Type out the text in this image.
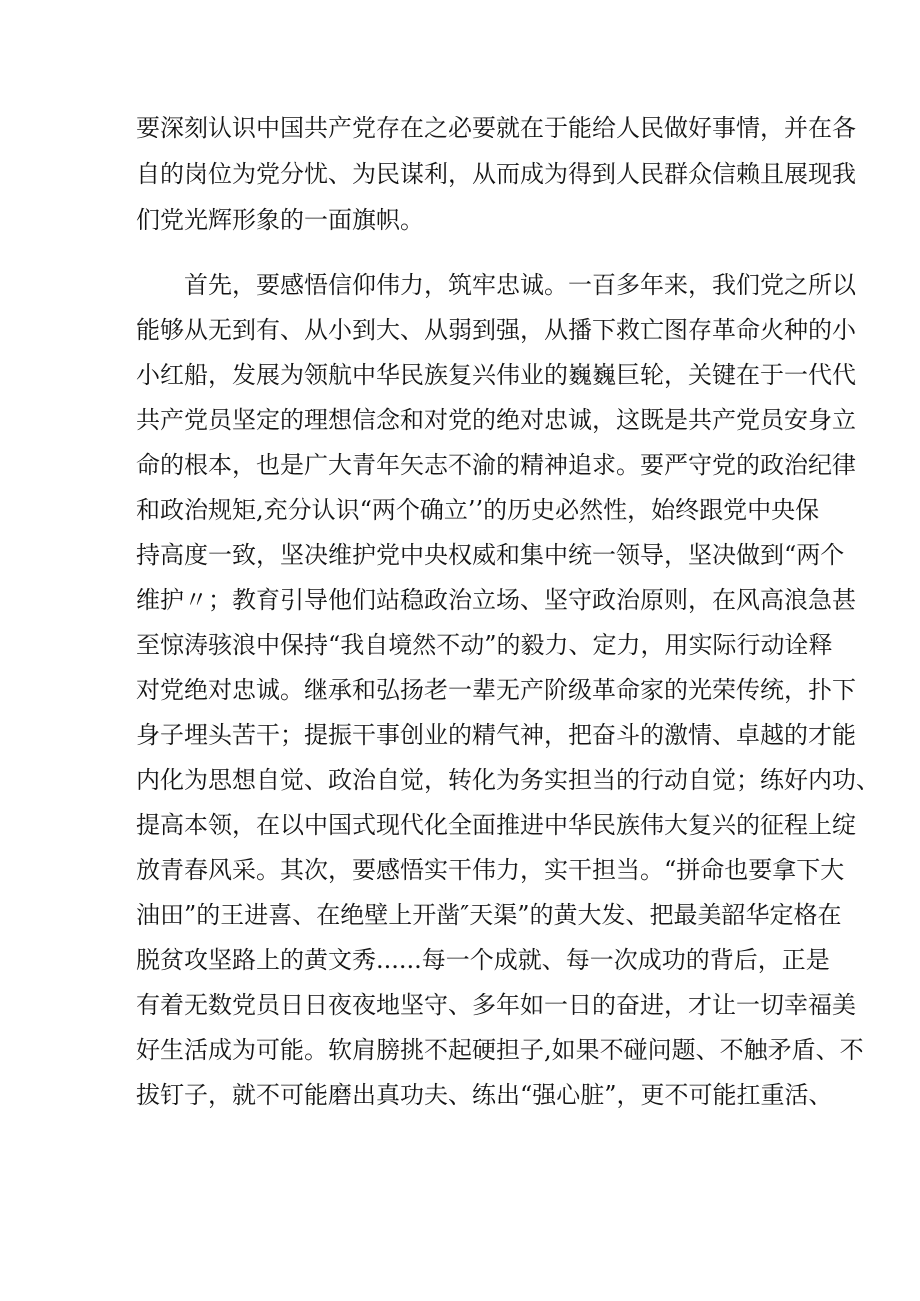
要深刻认识中国共产党存在之必要就在于能给人民做好事情，并在各
自的岗位为党分忧、为民谋利，从而成为得到人民群众信赖且展现我
们党光辉形象的一面旗帜。
首先，要感悟信仰伟力，筑牢忠诚。一百多年来，我们党之所以
能够从无到有、从小到大、从弱到强，从播下救亡图存革命火种的小
小红船，发展为领航中华民族复兴伟业的巍巍巨轮，关键在于一代代
共产党员坚定的理想信念和对党的绝对忠诚，这既是共产党员安身立
命的根本，也是广大青年矢志不渝的精神追求。要严守党的政治纪律
和政治规矩,充分认识“两个确立’’的历史必然性，始终跟党中央保
持高度一致，坚决维护党中央权威和集中统一领导，坚决做到“两个
维护〃；教育引导他们站稳政治立场、坚守政治原则，在风高浪急甚
至惊涛骇浪中保持“我自境然不动”的毅力、定力，用实际行动诠释
对党绝对忠诚。继承和弘扬老一辈无产阶级革命家的光荣传统，扑下
身子埋头苦干；提振干事创业的精气神，把奋斗的激情、卓越的才能
内化为思想自觉、政治自觉，转化为务实担当的行动自觉；练好内功、
提高本领，在以中国式现代化全面推进中华民族伟大复兴的征程上绽
放青春风采。其次，要感悟实干伟力，实干担当。“拼命也要拿下大
油田”的王进喜、在绝壁上开凿″天渠”的黄大发、把最美韶华定格在
脱贫攻坚路上的黄文秀......每一个成就、每一次成功的背后，正是
有着无数党员日日夜夜地坚守、多年如一日的奋进，才让一切幸福美
好生活成为可能。软肩膀挑不起硬担子,如果不碰问题、不触矛盾、不
拔钉子，就不可能磨出真功夫、练出“强心脏”，更不可能扛重活、
